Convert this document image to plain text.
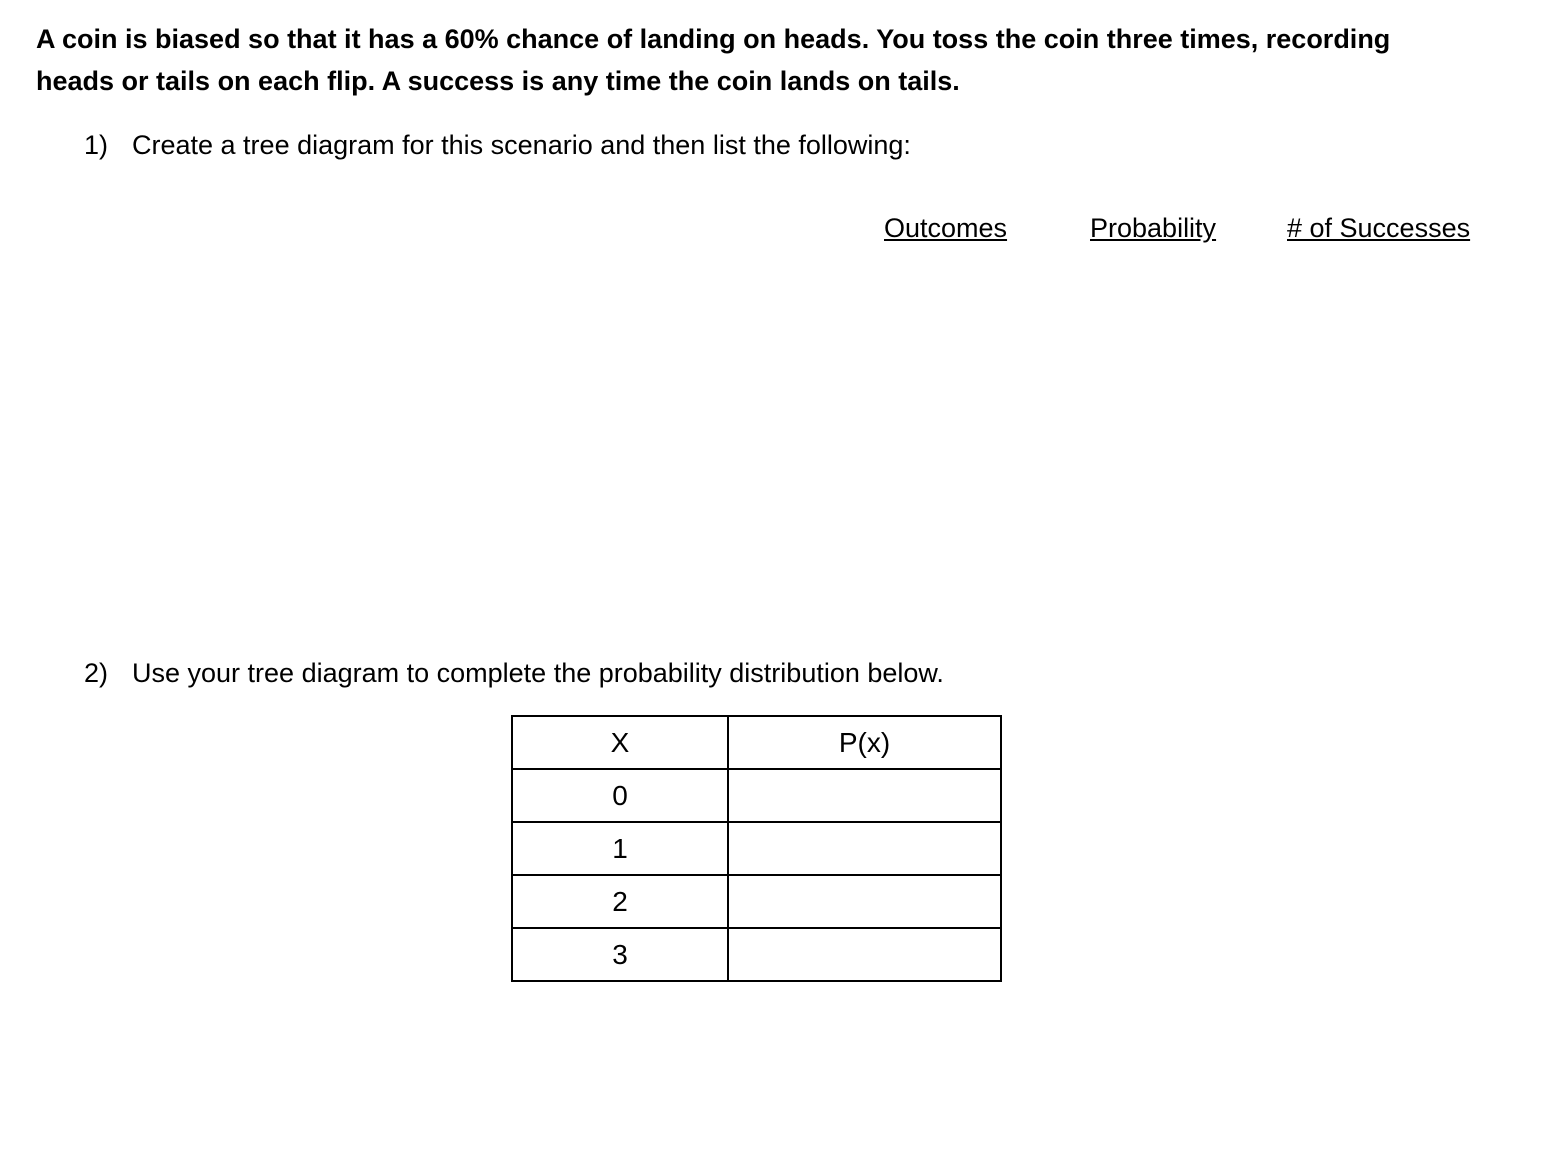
A coin is biased so that it has a 60% chance of landing on heads. You toss the coin three times, recording
heads or tails on each flip. A success is any time the coin lands on tails.

1) Create a tree diagram for this scenario and then list the following:
Outcomes	Probability	# of Successes
2) Use your tree diagram to complete the probability distribution below.
X	P(x)
0	
1	
2	
3	
